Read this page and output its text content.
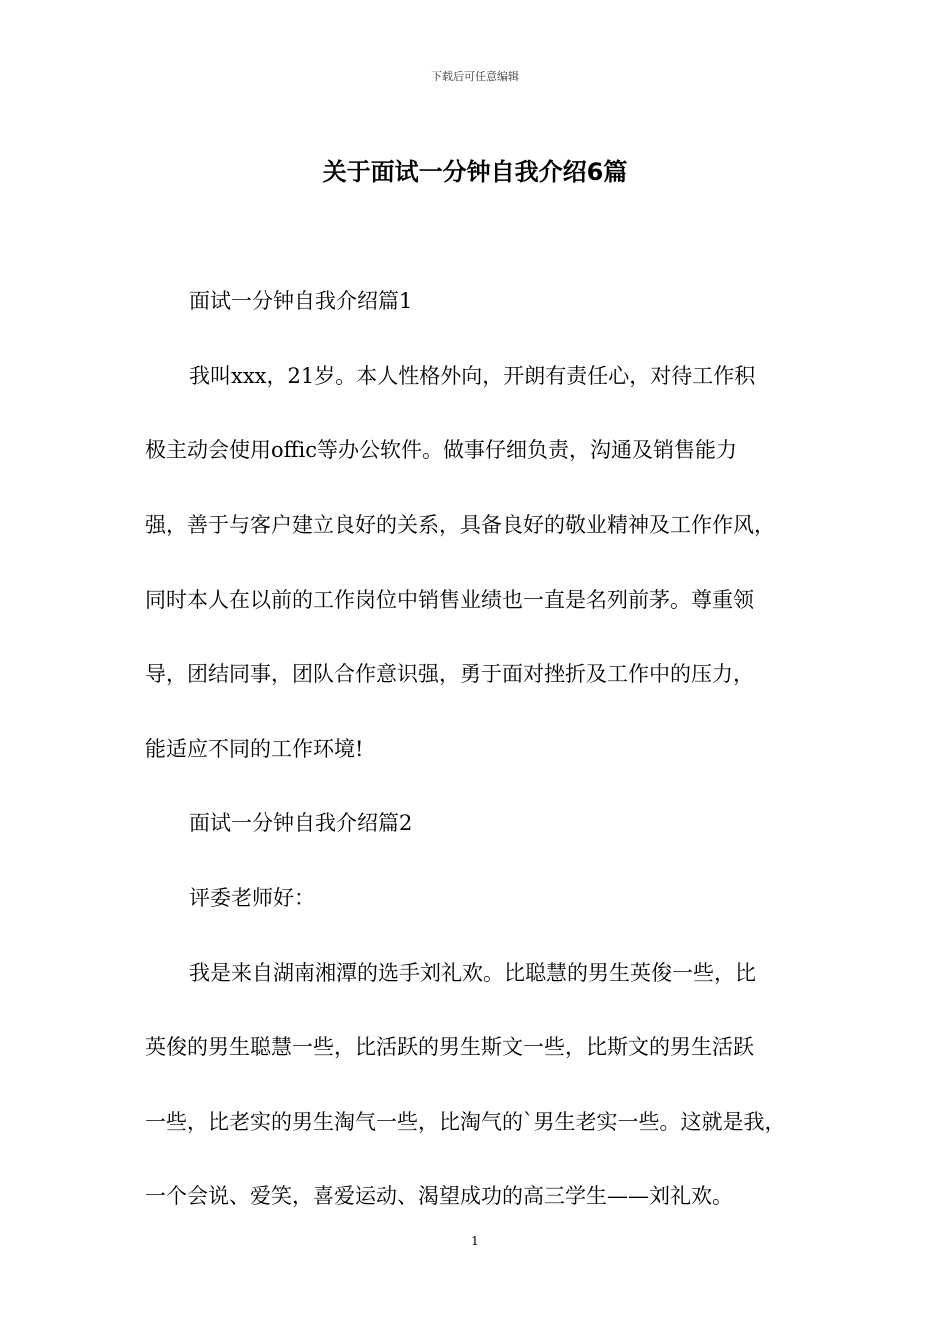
下载后可任意编辑
关于面试一分钟自我介绍6篇
面试一分钟自我介绍篇1
我叫xxx，21岁。本人性格外向，开朗有责任心，对待工作积
极主动会使用offic等办公软件。做事仔细负责，沟通及销售能力
强，善于与客户建立良好的关系，具备良好的敬业精神及工作作风，
同时本人在以前的工作岗位中销售业绩也一直是名列前茅。尊重领
导，团结同事，团队合作意识强，勇于面对挫折及工作中的压力，
能适应不同的工作环境!
面试一分钟自我介绍篇2
评委老师好：
我是来自湖南湘潭的选手刘礼欢。比聪慧的男生英俊一些，比
英俊的男生聪慧一些，比活跃的男生斯文一些，比斯文的男生活跃
一些，比老实的男生淘气一些，比淘气的`男生老实一些。这就是我，
一个会说、爱笑，喜爱运动、渴望成功的高三学生——刘礼欢。
1
